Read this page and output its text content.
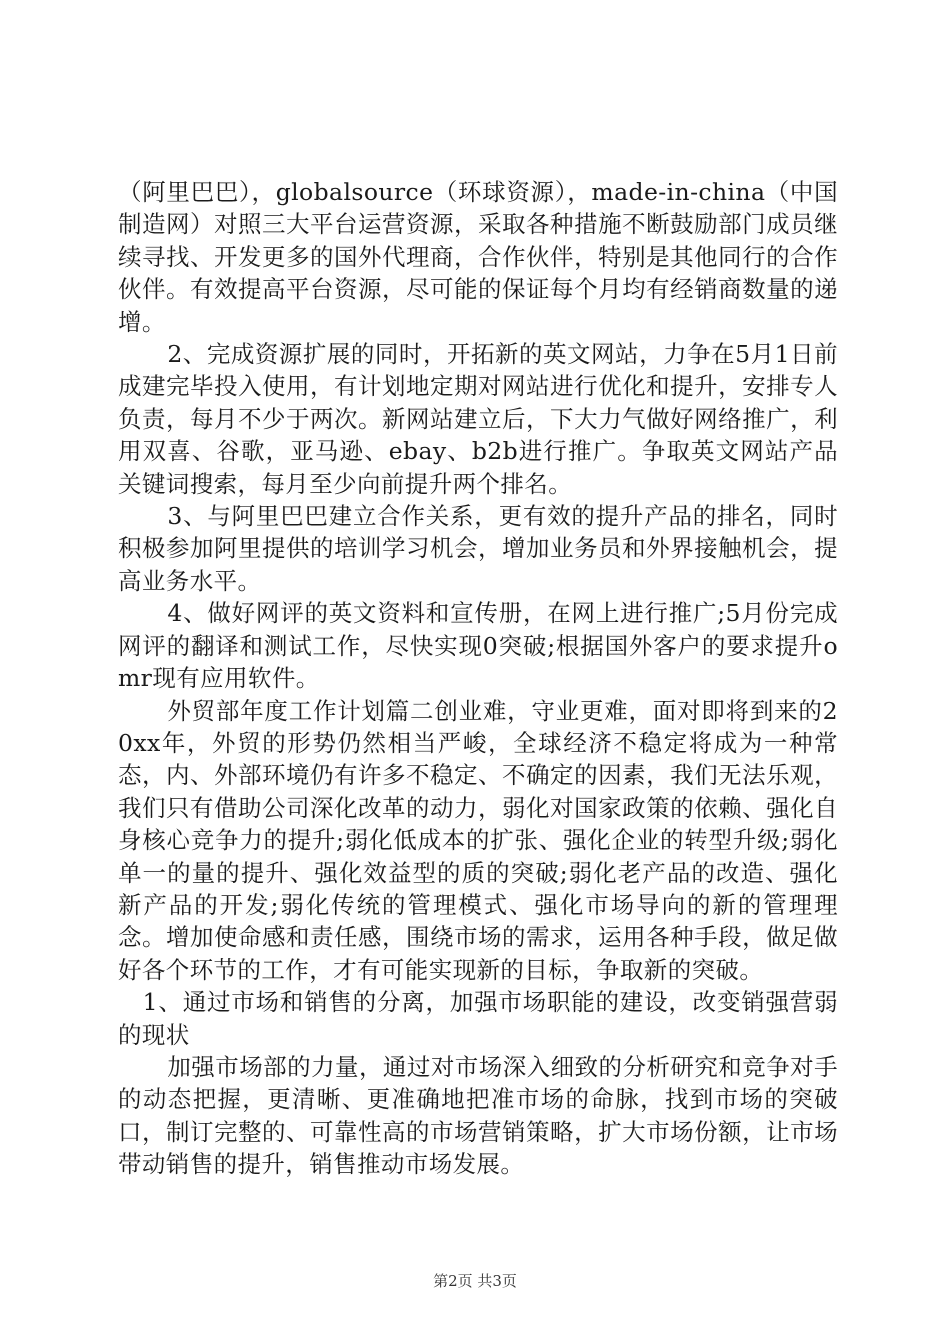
（阿里巴巴），globalsource（环球资源），made-in-china（中国制造网）对照三大平台运营资源，采取各种措施不断鼓励部门成员继续寻找、开发更多的国外代理商，合作伙伴，特别是其他同行的合作伙伴。有效提高平台资源，尽可能的保证每个月均有经销商数量的递增。

2、完成资源扩展的同时，开拓新的英文网站，力争在5月1日前成建完毕投入使用，有计划地定期对网站进行优化和提升，安排专人负责，每月不少于两次。新网站建立后，下大力气做好网络推广，利用双喜、谷歌，亚马逊、ebay、b2b进行推广。争取英文网站产品关键词搜索，每月至少向前提升两个排名。

3、与阿里巴巴建立合作关系，更有效的提升产品的排名，同时积极参加阿里提供的培训学习机会，增加业务员和外界接触机会，提高业务水平。

4、做好网评的英文资料和宣传册，在网上进行推广;5月份完成网评的翻译和测试工作，尽快实现0突破;根据国外客户的要求提升omr现有应用软件。

外贸部年度工作计划篇二创业难，守业更难，面对即将到来的20xx年，外贸的形势仍然相当严峻，全球经济不稳定将成为一种常态，内、外部环境仍有许多不稳定、不确定的因素，我们无法乐观，我们只有借助公司深化改革的动力，弱化对国家政策的依赖、强化自身核心竞争力的提升;弱化低成本的扩张、强化企业的转型升级;弱化单一的量的提升、强化效益型的质的突破;弱化老产品的改造、强化新产品的开发;弱化传统的管理模式、强化市场导向的新的管理理念。增加使命感和责任感，围绕市场的需求，运用各种手段，做足做好各个环节的工作，才有可能实现新的目标，争取新的突破。

1、通过市场和销售的分离，加强市场职能的建设，改变销强营弱的现状

加强市场部的力量，通过对市场深入细致的分析研究和竞争对手的动态把握，更清晰、更准确地把准市场的命脉，找到市场的突破口，制订完整的、可靠性高的市场营销策略，扩大市场份额，让市场带动销售的提升，销售推动市场发展。

第2页 共3页
